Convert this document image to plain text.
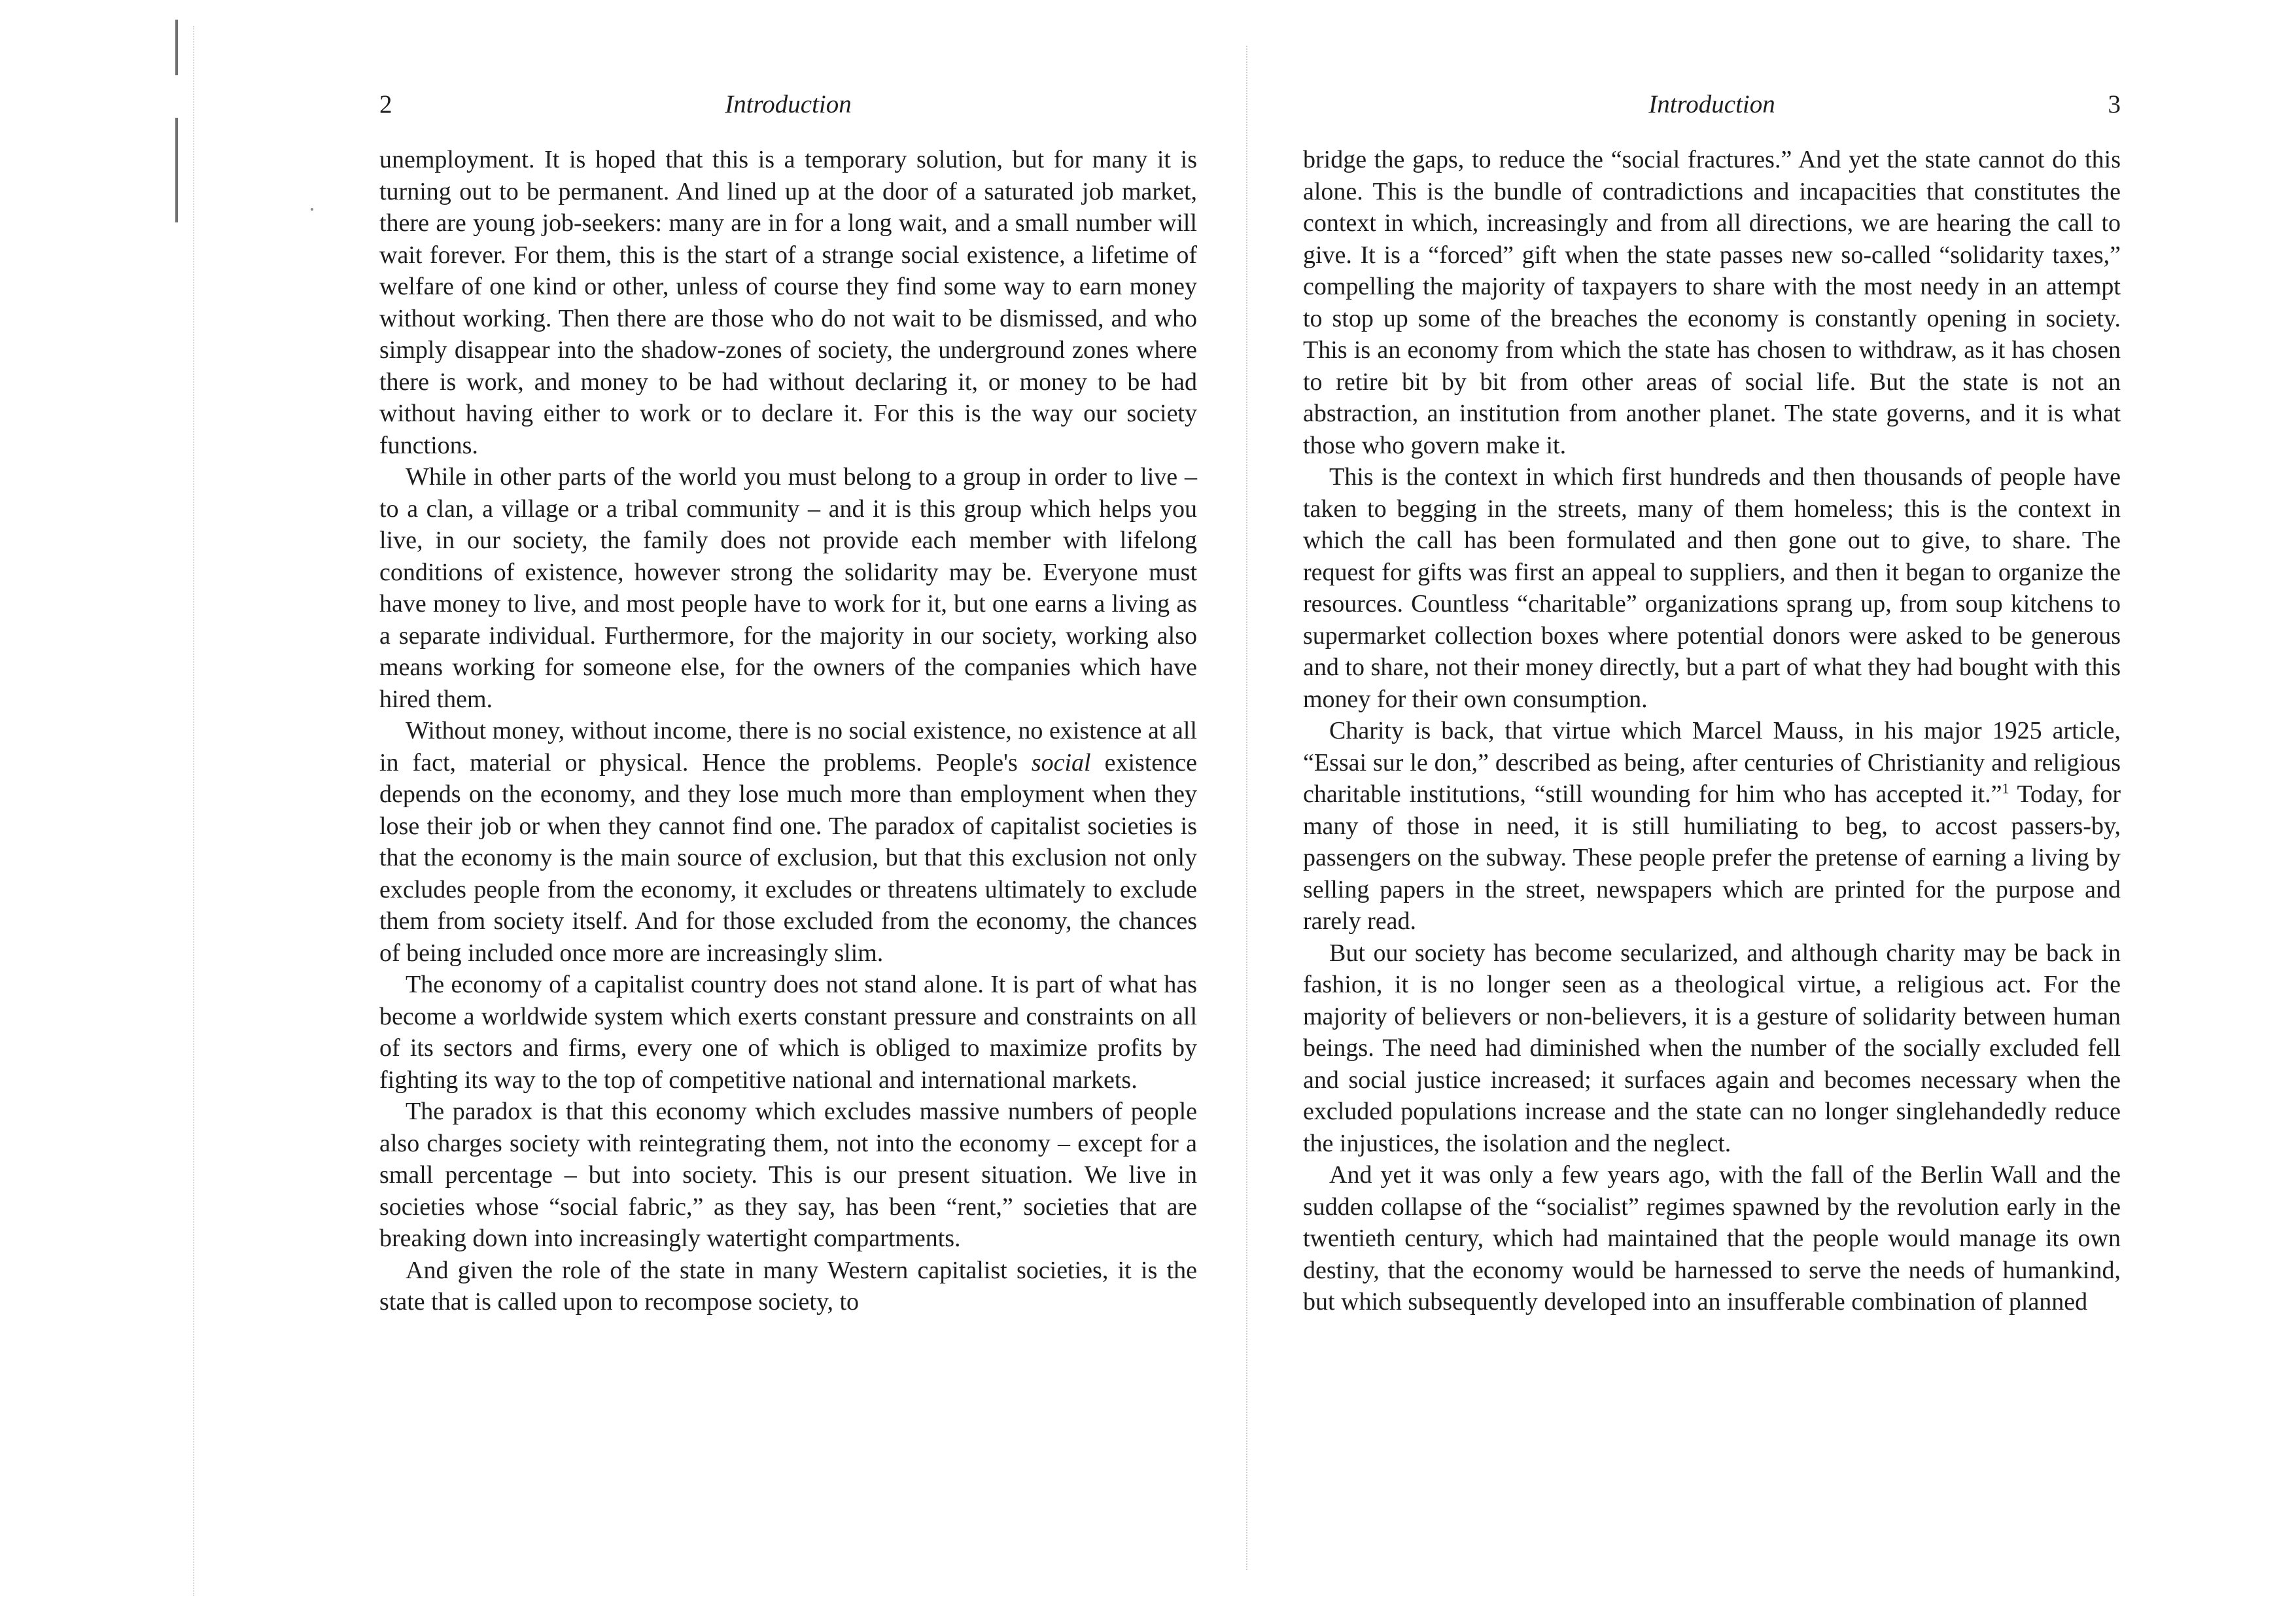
2	Introduction

unemployment. It is hoped that this is a temporary solution, but for many it is turning out to be permanent. And lined up at the door of a saturated job market, there are young job-seekers: many are in for a long wait, and a small number will wait forever. For them, this is the start of a strange social existence, a lifetime of welfare of one kind or other, unless of course they find some way to earn money without working. Then there are those who do not wait to be dismissed, and who simply disappear into the shadow-zones of society, the underground zones where there is work, and money to be had without declaring it, or money to be had without having either to work or to declare it. For this is the way our society functions.

While in other parts of the world you must belong to a group in order to live – to a clan, a village or a tribal community – and it is this group which helps you live, in our society, the family does not provide each member with lifelong conditions of existence, however strong the solidarity may be. Everyone must have money to live, and most people have to work for it, but one earns a living as a separate individual. Furthermore, for the majority in our society, working also means working for someone else, for the owners of the companies which have hired them.

Without money, without income, there is no social existence, no existence at all in fact, material or physical. Hence the problems. People's social existence depends on the economy, and they lose much more than employment when they lose their job or when they cannot find one. The paradox of capitalist societies is that the economy is the main source of exclusion, but that this exclusion not only excludes people from the economy, it excludes or threatens ultimately to exclude them from society itself. And for those excluded from the economy, the chances of being included once more are increasingly slim.

The economy of a capitalist country does not stand alone. It is part of what has become a worldwide system which exerts constant pressure and constraints on all of its sectors and firms, every one of which is obliged to maximize profits by fighting its way to the top of competitive national and international markets.

The paradox is that this economy which excludes massive numbers of people also charges society with reintegrating them, not into the economy – except for a small percentage – but into society. This is our present situation. We live in societies whose “social fabric,” as they say, has been “rent,” societies that are breaking down into increasingly watertight compartments.

And given the role of the state in many Western capitalist societies, it is the state that is called upon to recompose society, to

Introduction	3

bridge the gaps, to reduce the “social fractures.” And yet the state cannot do this alone. This is the bundle of contradictions and incapacities that constitutes the context in which, increasingly and from all directions, we are hearing the call to give. It is a “forced” gift when the state passes new so-called “solidarity taxes,” compelling the majority of taxpayers to share with the most needy in an attempt to stop up some of the breaches the economy is constantly opening in society. This is an economy from which the state has chosen to withdraw, as it has chosen to retire bit by bit from other areas of social life. But the state is not an abstraction, an institution from another planet. The state governs, and it is what those who govern make it.

This is the context in which first hundreds and then thousands of people have taken to begging in the streets, many of them homeless; this is the context in which the call has been formulated and then gone out to give, to share. The request for gifts was first an appeal to suppliers, and then it began to organize the resources. Countless “charitable” organizations sprang up, from soup kitchens to supermarket collection boxes where potential donors were asked to be generous and to share, not their money directly, but a part of what they had bought with this money for their own consumption.

Charity is back, that virtue which Marcel Mauss, in his major 1925 article, “Essai sur le don,” described as being, after centuries of Christianity and religious charitable institutions, “still wounding for him who has accepted it.”$^1$ Today, for many of those in need, it is still humiliating to beg, to accost passers-by, passengers on the subway. These people prefer the pretense of earning a living by selling papers in the street, newspapers which are printed for the purpose and rarely read.

But our society has become secularized, and although charity may be back in fashion, it is no longer seen as a theological virtue, a religious act. For the majority of believers or non-believers, it is a gesture of solidarity between human beings. The need had diminished when the number of the socially excluded fell and social justice increased; it surfaces again and becomes necessary when the excluded populations increase and the state can no longer singlehandedly reduce the injustices, the isolation and the neglect.

And yet it was only a few years ago, with the fall of the Berlin Wall and the sudden collapse of the “socialist” regimes spawned by the revolution early in the twentieth century, which had maintained that the people would manage its own destiny, that the economy would be harnessed to serve the needs of humankind, but which subsequently developed into an insufferable combination of planned
